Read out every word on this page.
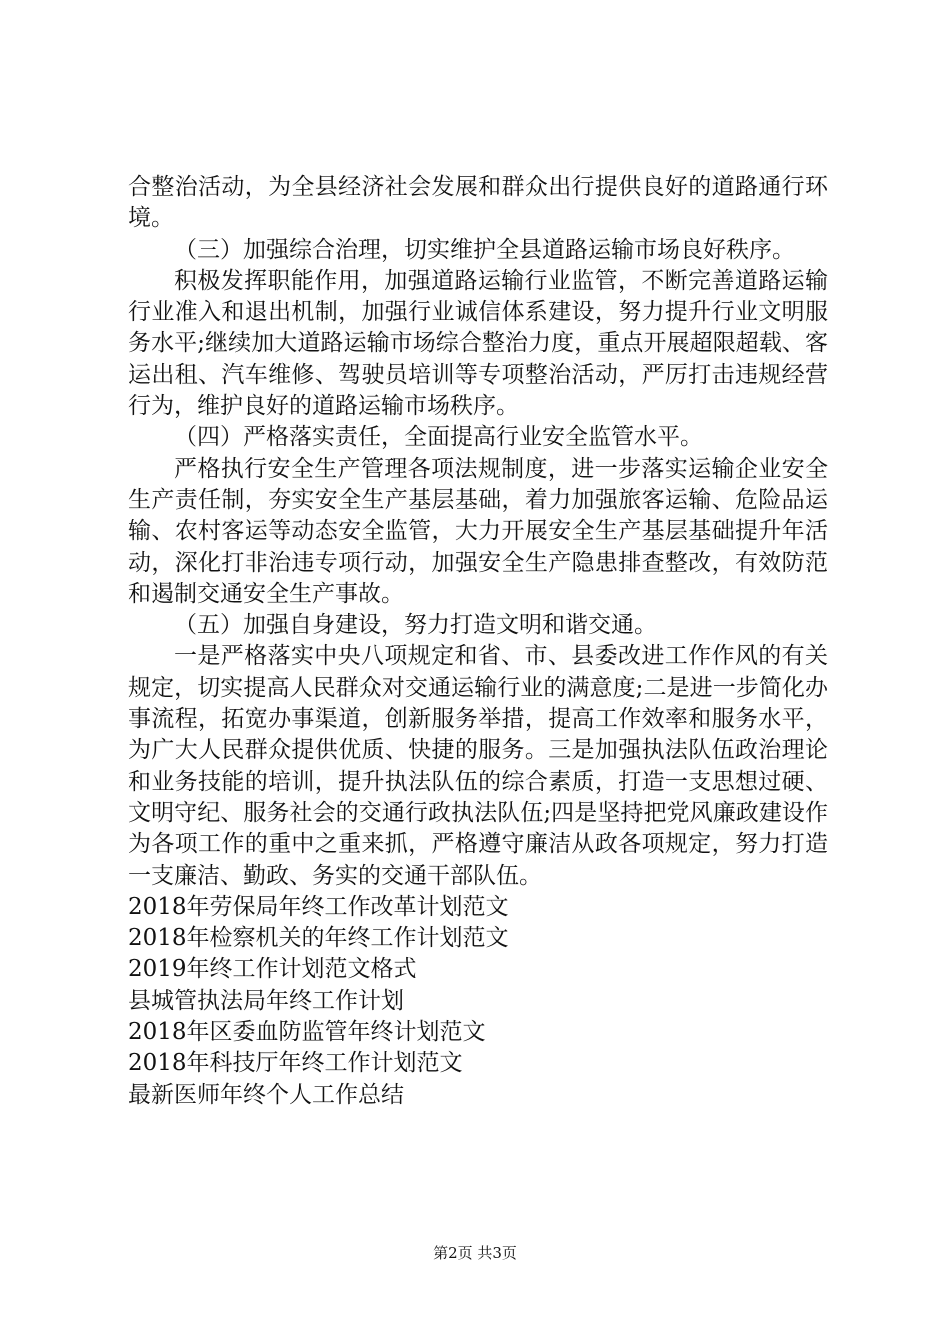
合整治活动，为全县经济社会发展和群众出行提供良好的道路通行环境。

（三）加强综合治理，切实维护全县道路运输市场良好秩序。

积极发挥职能作用，加强道路运输行业监管，不断完善道路运输行业准入和退出机制，加强行业诚信体系建设，努力提升行业文明服务水平;继续加大道路运输市场综合整治力度，重点开展超限超载、客运出租、汽车维修、驾驶员培训等专项整治活动，严厉打击违规经营行为，维护良好的道路运输市场秩序。

（四）严格落实责任，全面提高行业安全监管水平。

严格执行安全生产管理各项法规制度，进一步落实运输企业安全生产责任制，夯实安全生产基层基础，着力加强旅客运输、危险品运输、农村客运等动态安全监管，大力开展安全生产基层基础提升年活动，深化打非治违专项行动，加强安全生产隐患排查整改，有效防范和遏制交通安全生产事故。

（五）加强自身建设，努力打造文明和谐交通。

一是严格落实中央八项规定和省、市、县委改进工作作风的有关规定，切实提高人民群众对交通运输行业的满意度;二是进一步简化办事流程，拓宽办事渠道，创新服务举措，提高工作效率和服务水平，为广大人民群众提供优质、快捷的服务。三是加强执法队伍政治理论和业务技能的培训，提升执法队伍的综合素质，打造一支思想过硬、文明守纪、服务社会的交通行政执法队伍;四是坚持把党风廉政建设作为各项工作的重中之重来抓，严格遵守廉洁从政各项规定，努力打造一支廉洁、勤政、务实的交通干部队伍。

2018年劳保局年终工作改革计划范文

2018年检察机关的年终工作计划范文

2019年终工作计划范文格式

县城管执法局年终工作计划

2018年区委血防监管年终计划范文

2018年科技厅年终工作计划范文

最新医师年终个人工作总结

第2页 共3页
